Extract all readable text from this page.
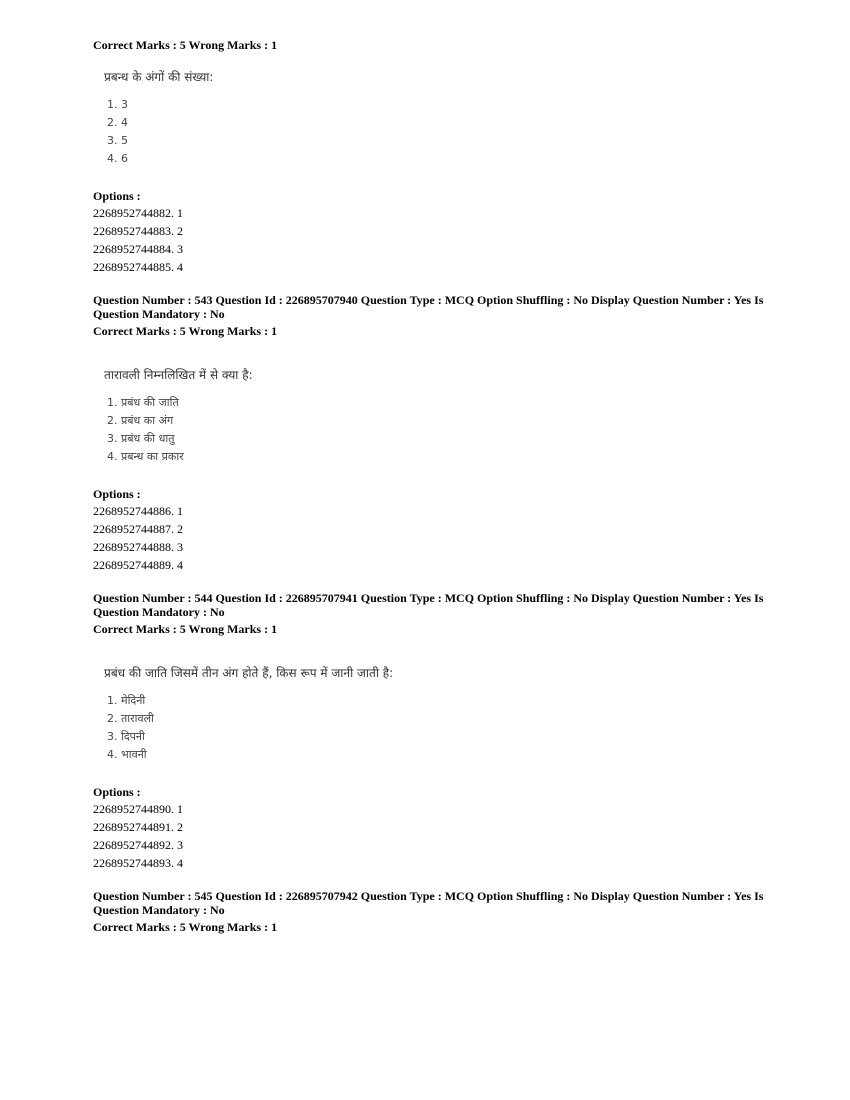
Correct Marks : 5 Wrong Marks : 1
प्रबन्ध के अंगों की संख्या:
1. 3
2. 4
3. 5
4. 6
Options :
2268952744882. 1
2268952744883. 2
2268952744884. 3
2268952744885. 4
Question Number : 543 Question Id : 226895707940 Question Type : MCQ Option Shuffling : No Display Question Number : Yes Is
Question Mandatory : No
Correct Marks : 5 Wrong Marks : 1
तारावली निम्नलिखित में से क्या है:
1. प्रबंध की जाति
2. प्रबंध का अंग
3. प्रबंध की धातु
4. प्रबन्ध का प्रकार
Options :
2268952744886. 1
2268952744887. 2
2268952744888. 3
2268952744889. 4
Question Number : 544 Question Id : 226895707941 Question Type : MCQ Option Shuffling : No Display Question Number : Yes Is
Question Mandatory : No
Correct Marks : 5 Wrong Marks : 1
प्रबंध की जाति जिसमें तीन अंग होते हैं, किस रूप में जानी जाती है:
1. मेदिनी
2. तारावली
3. दिपनी
4. भावनी
Options :
2268952744890. 1
2268952744891. 2
2268952744892. 3
2268952744893. 4
Question Number : 545 Question Id : 226895707942 Question Type : MCQ Option Shuffling : No Display Question Number : Yes Is
Question Mandatory : No
Correct Marks : 5 Wrong Marks : 1
